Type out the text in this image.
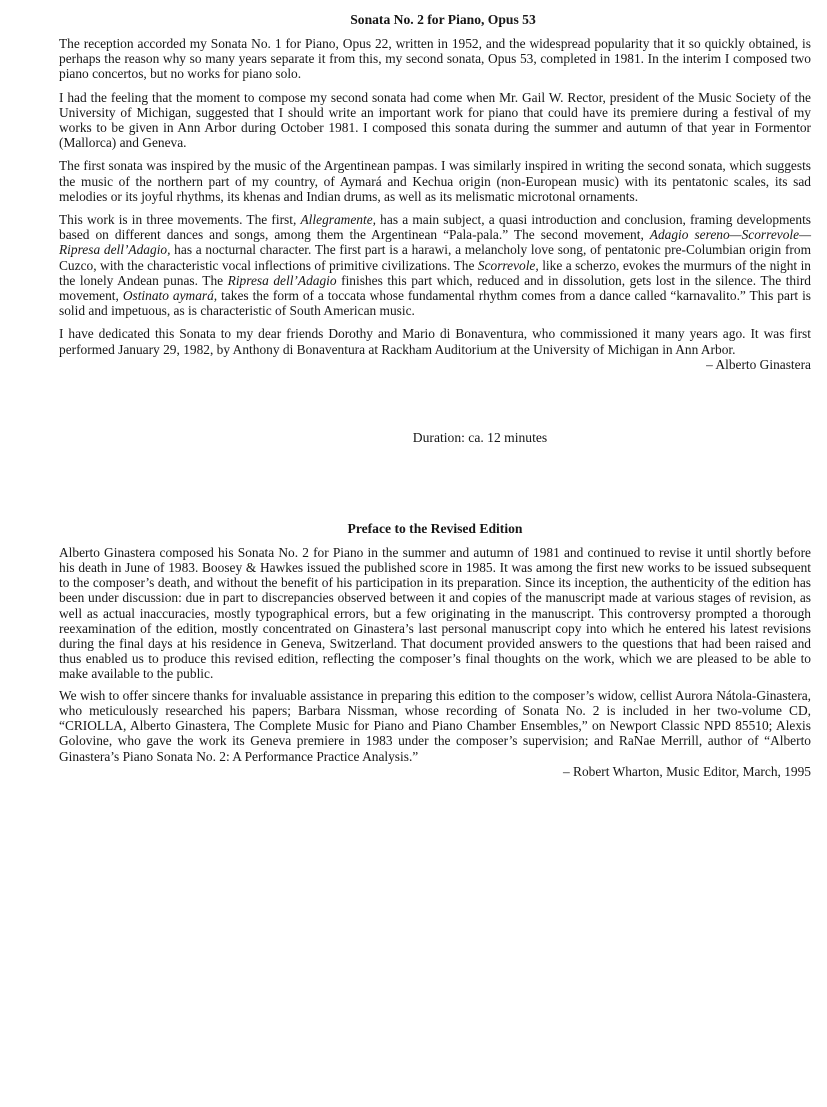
Sonata No. 2 for Piano, Opus 53

The reception accorded my Sonata No. 1 for Piano, Opus 22, written in 1952, and the widespread popularity that it so quickly obtained, is perhaps the reason why so many years separate it from this, my second sonata, Opus 53, completed in 1981. In the interim I composed two piano concertos, but no works for piano solo.

I had the feeling that the moment to compose my second sonata had come when Mr. Gail W. Rector, president of the Music Society of the University of Michigan, suggested that I should write an important work for piano that could have its premiere during a festival of my works to be given in Ann Arbor during October 1981. I composed this sonata during the summer and autumn of that year in Formentor (Mallorca) and Geneva.

The first sonata was inspired by the music of the Argentinean pampas. I was similarly inspired in writing the second sonata, which suggests the music of the northern part of my country, of Aymará and Kechua origin (non-European music) with its pentatonic scales, its sad melodies or its joyful rhythms, its khenas and Indian drums, as well as its melismatic microtonal ornaments.

This work is in three movements. The first, Allegramente, has a main subject, a quasi introduction and conclusion, framing developments based on different dances and songs, among them the Argentinean “Pala-pala.” The second movement, Adagio sereno—Scorrevole—Ripresa dell’Adagio, has a nocturnal character. The first part is a harawi, a melancholy love song, of pentatonic pre-Columbian origin from Cuzco, with the characteristic vocal inflections of primitive civilizations. The Scorrevole, like a scherzo, evokes the murmurs of the night in the lonely Andean punas. The Ripresa dell’Adagio finishes this part which, reduced and in dissolution, gets lost in the silence. The third movement, Ostinato aymará, takes the form of a toccata whose fundamental rhythm comes from a dance called “karnavalito.” This part is solid and impetuous, as is characteristic of South American music.

I have dedicated this Sonata to my dear friends Dorothy and Mario di Bonaventura, who commissioned it many years ago. It was first performed January 29, 1982, by Anthony di Bonaventura at Rackham Auditorium at the University of Michigan in Ann Arbor.

– Alberto Ginastera
Duration: ca. 12 minutes
Preface to the Revised Edition

Alberto Ginastera composed his Sonata No. 2 for Piano in the summer and autumn of 1981 and continued to revise it until shortly before his death in June of 1983. Boosey & Hawkes issued the published score in 1985. It was among the first new works to be issued subsequent to the composer’s death, and without the benefit of his participation in its preparation. Since its inception, the authenticity of the edition has been under discussion: due in part to discrepancies observed between it and copies of the manuscript made at various stages of revision, as well as actual inaccuracies, mostly typographical errors, but a few originating in the manuscript. This controversy prompted a thorough reexamination of the edition, mostly concentrated on Ginastera’s last personal manuscript copy into which he entered his latest revisions during the final days at his residence in Geneva, Switzerland. That document provided answers to the questions that had been raised and thus enabled us to produce this revised edition, reflecting the composer’s final thoughts on the work, which we are pleased to be able to make available to the public.

We wish to offer sincere thanks for invaluable assistance in preparing this edition to the composer’s widow, cellist Aurora Nátola-Ginastera, who meticulously researched his papers; Barbara Nissman, whose recording of Sonata No. 2 is included in her two-volume CD, “CRIOLLA, Alberto Ginastera, The Complete Music for Piano and Piano Chamber Ensembles,” on Newport Classic NPD 85510; Alexis Golovine, who gave the work its Geneva premiere in 1983 under the composer’s supervision; and RaNae Merrill, author of “Alberto Ginastera’s Piano Sonata No. 2: A Performance Practice Analysis.”

– Robert Wharton, Music Editor, March, 1995
